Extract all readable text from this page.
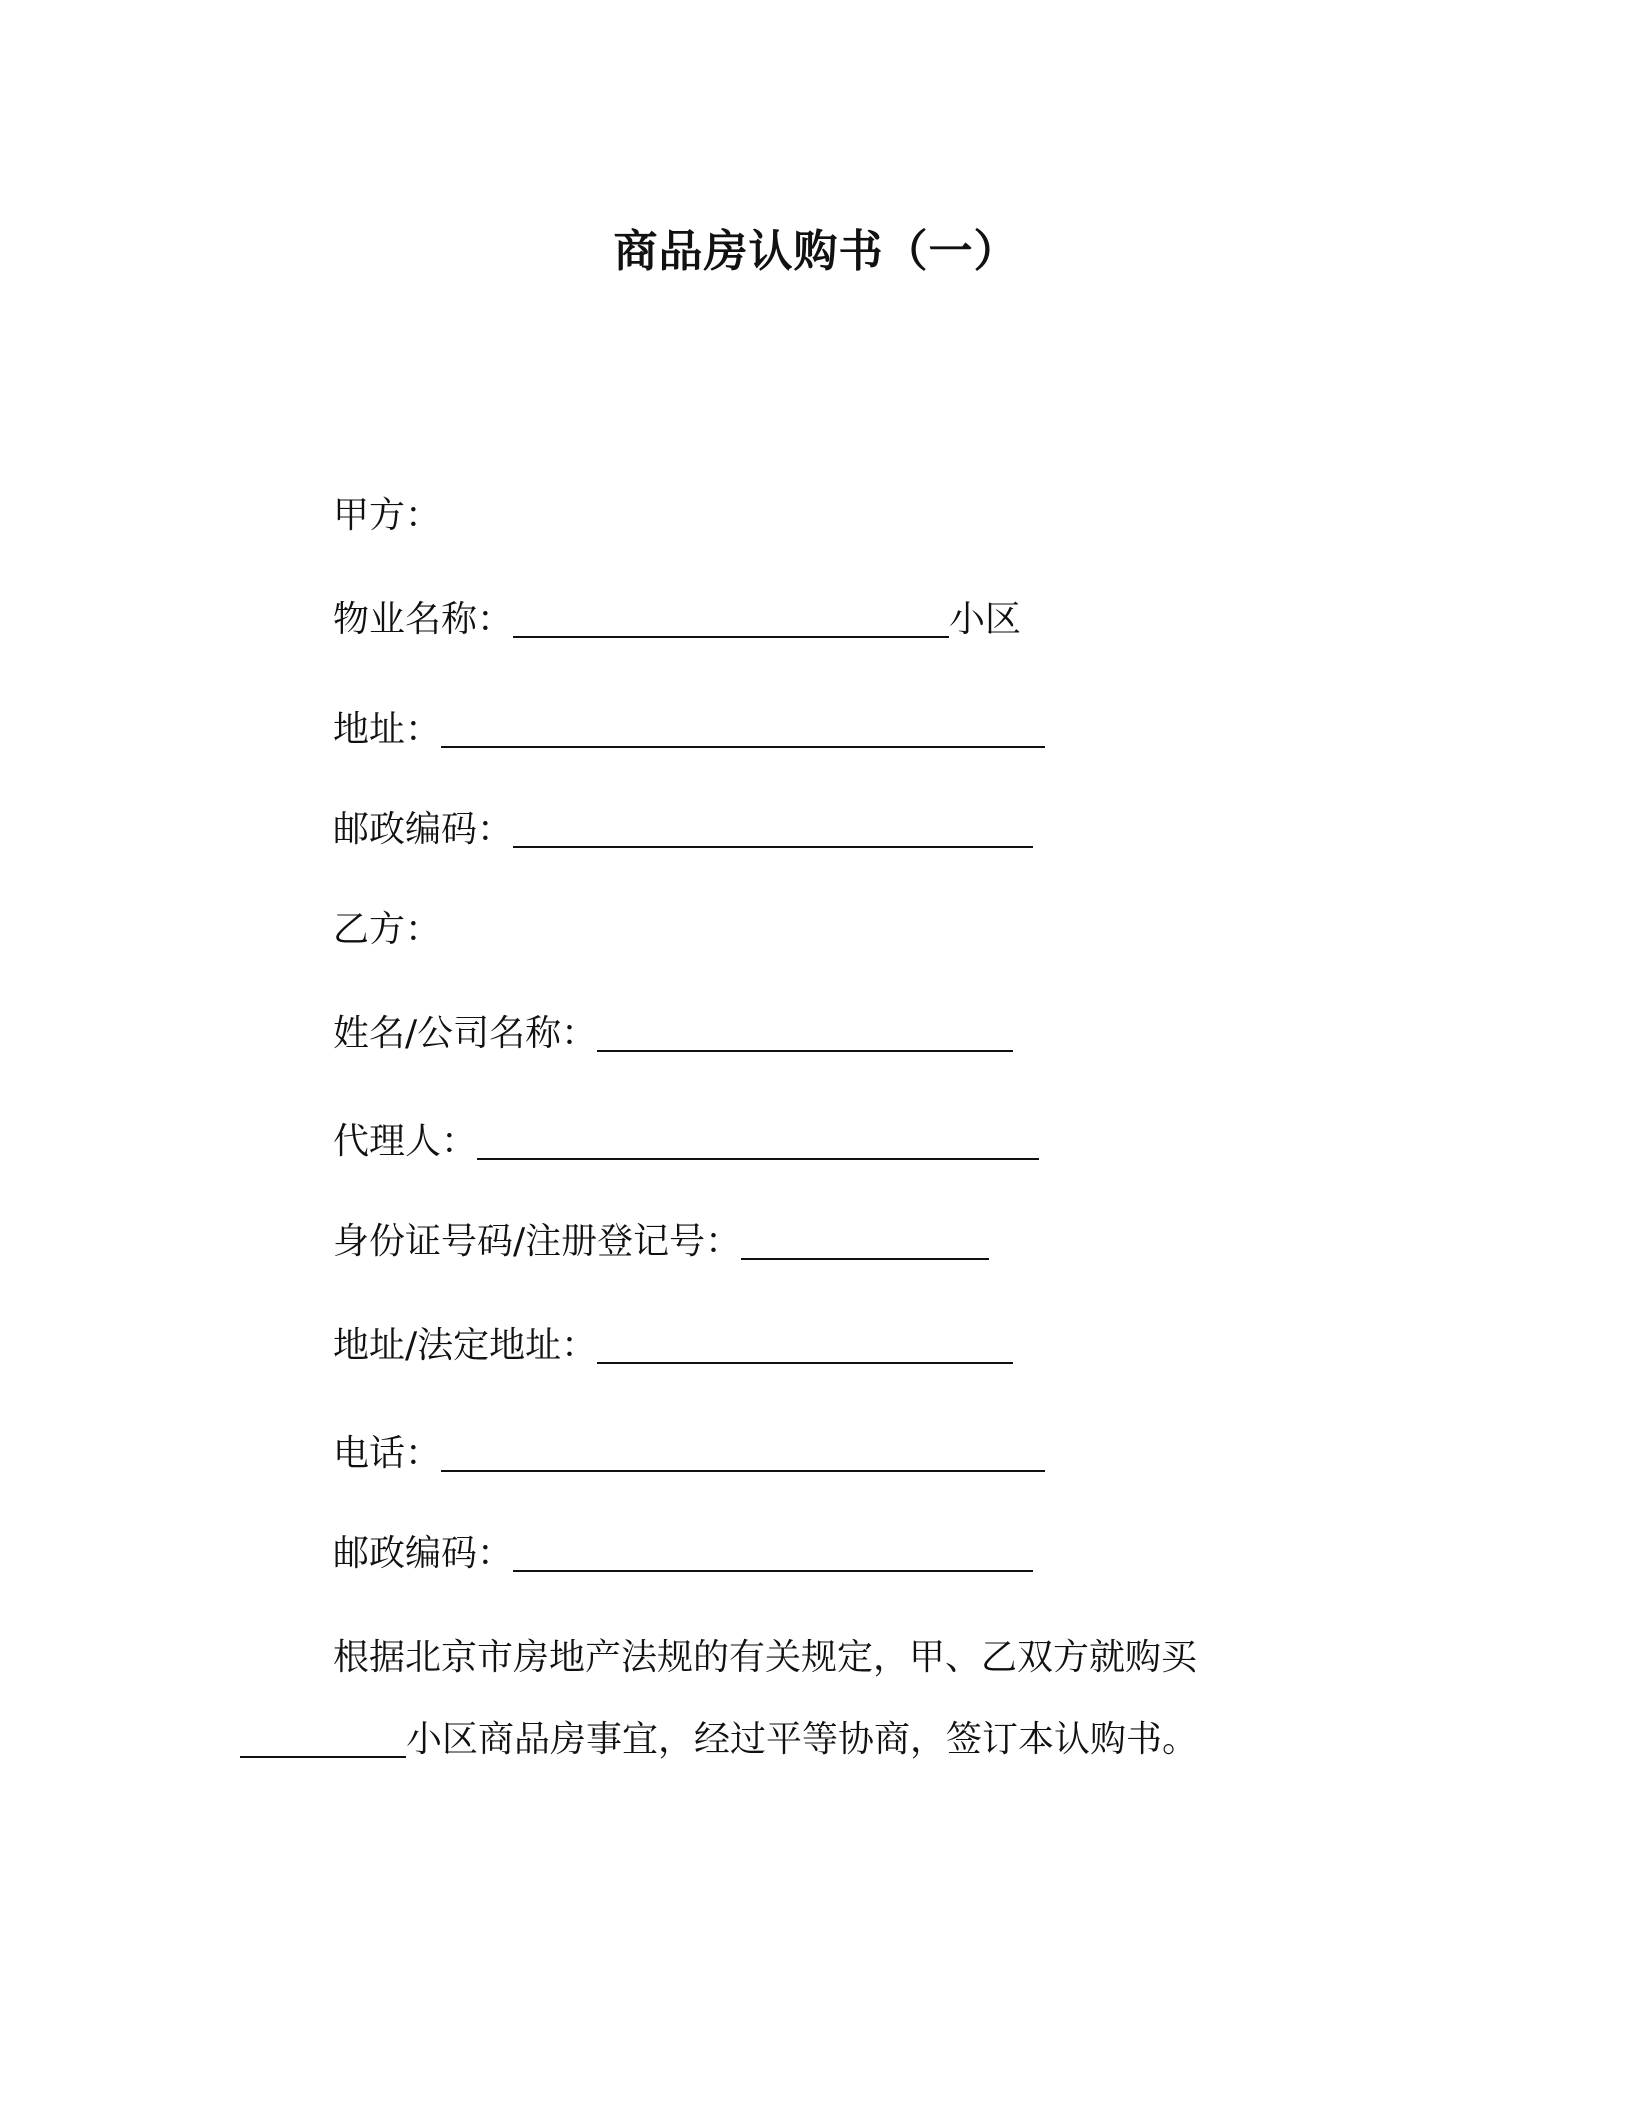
商品房认购书（一）
甲方：
物业名称：	小区
地址：
邮政编码：
乙方：
姓名/公司名称：
代理人：
身份证号码/注册登记号：
地址/法定地址：
电话：
邮政编码：
根据北京市房地产法规的有关规定，甲、乙双方就购买
小区商品房事宜，经过平等协商，签订本认购书。
